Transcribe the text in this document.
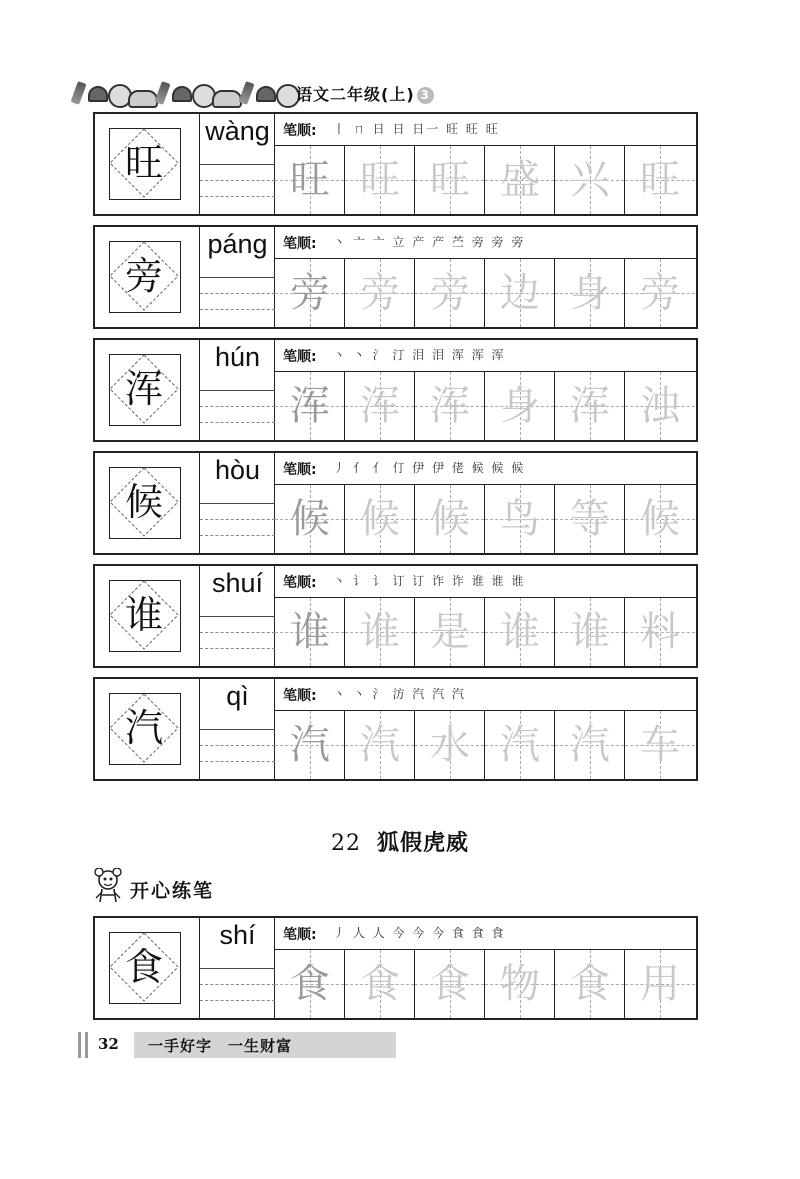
语文二年级(上) 3
旺
wàng 笔顺: 丨 ㄇ 日 日 日一 旺 旺 旺
旺 旺 旺 盛 兴 旺
旁
páng	笔顺: 丶 亠 亠 立 产 产 苎 旁 旁 旁
旁 旁 旁 边 身 旁
浑
hún	笔顺: 丶 丶 氵 汀 泪 泪 浑 浑 浑
浑 浑 浑 身 浑 浊
候
hòu	笔顺: 丿 亻 亻 仃 伊 伊 佬 候 候 候
候 候 候 鸟 等 候
谁
shuí	笔顺: 丶 讠 讠 订 订 诈 诈 谁 谁 谁
谁 谁 是 谁 谁 料
汽
qì	笔顺: 丶 丶 氵 汸 汽 汽 汽
汽 汽 水 汽 汽 车
食
shí	笔顺: 丿 人 人 今 今 今 食 食 食
食 食 食 物 食 用
22 狐假虎威
开心练笔
32 一手好字　一生财富
